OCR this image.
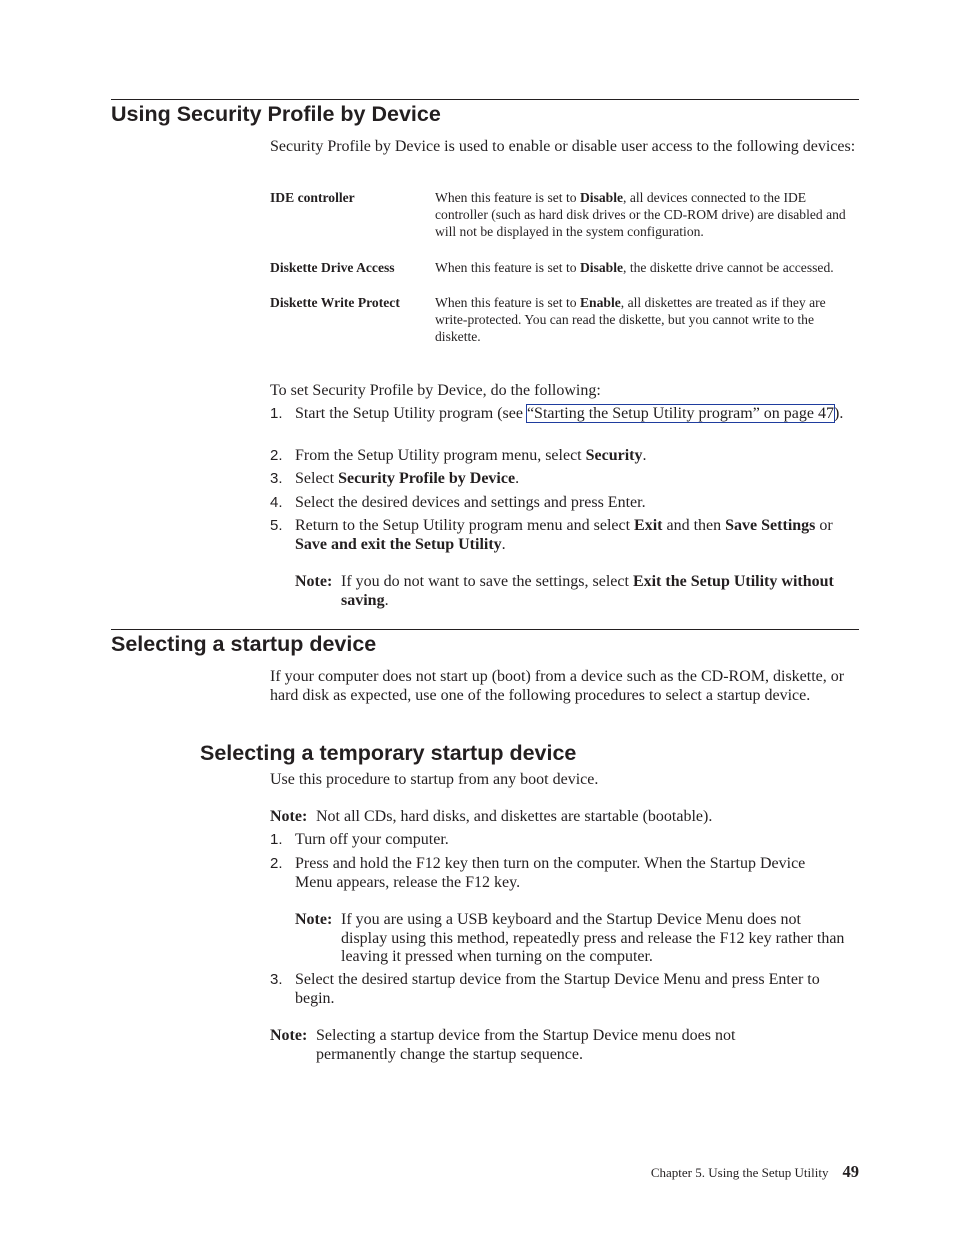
Using Security Profile by Device

Security Profile by Device is used to enable or disable user access to the following devices:

IDE controller	When this feature is set to Disable, all devices connected to the IDE controller (such as hard disk drives or the CD-ROM drive) are disabled and will not be displayed in the system configuration.
Diskette Drive Access	When this feature is set to Disable, the diskette drive cannot be accessed.
Diskette Write Protect	When this feature is set to Enable, all diskettes are treated as if they are write-protected. You can read the diskette, but you cannot write to the diskette.

To set Security Profile by Device, do the following:

1. Start the Setup Utility program (see “Starting the Setup Utility program” on page 47).
2. From the Setup Utility program menu, select Security.
3. Select Security Profile by Device.
4. Select the desired devices and settings and press Enter.
5. Return to the Setup Utility program menu and select Exit and then Save Settings or Save and exit the Setup Utility.
Note: If you do not want to save the settings, select Exit the Setup Utility without saving.
Selecting a startup device

If your computer does not start up (boot) from a device such as the CD-ROM, diskette, or hard disk as expected, use one of the following procedures to select a startup device.

Selecting a temporary startup device

Use this procedure to startup from any boot device.

Note: Not all CDs, hard disks, and diskettes are startable (bootable).
1. Turn off your computer.
2. Press and hold the F12 key then turn on the computer. When the Startup Device Menu appears, release the F12 key.
3. Select the desired startup device from the Startup Device Menu and press Enter to begin.
Note: If you are using a USB keyboard and the Startup Device Menu does not display using this method, repeatedly press and release the F12 key rather than leaving it pressed when turning on the computer.
Note: Selecting a startup device from the Startup Device menu does not permanently change the startup sequence.
Chapter 5. Using the Setup Utility 49
